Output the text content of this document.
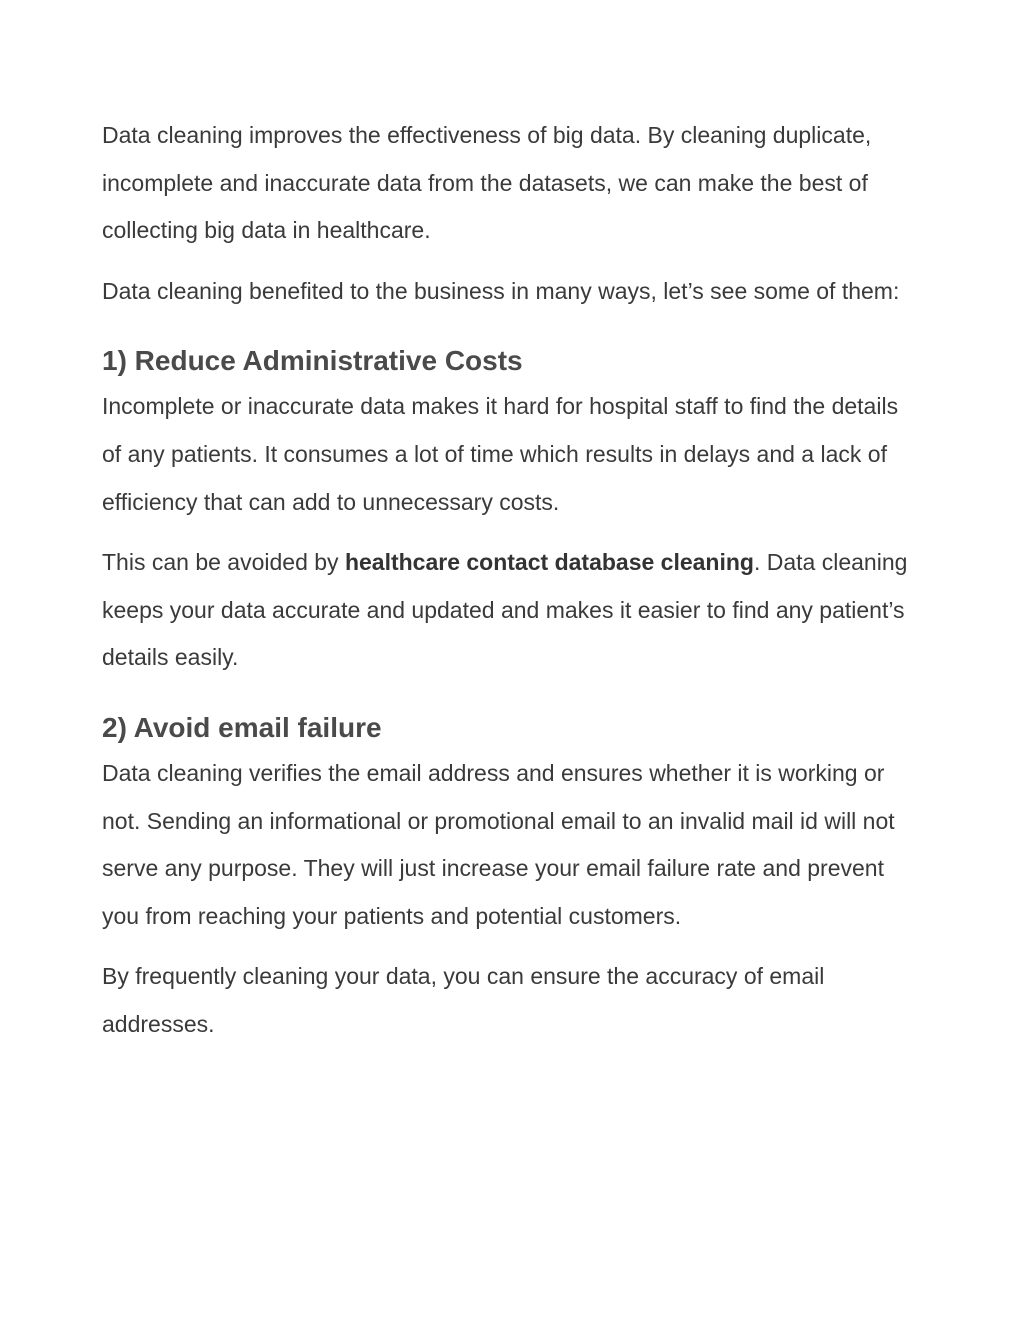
Data cleaning improves the effectiveness of big data. By cleaning duplicate, incomplete and inaccurate data from the datasets, we can make the best of collecting big data in healthcare.

Data cleaning benefited to the business in many ways, let’s see some of them:

1) Reduce Administrative Costs

Incomplete or inaccurate data makes it hard for hospital staff to find the details of any patients. It consumes a lot of time which results in delays and a lack of efficiency that can add to unnecessary costs.

This can be avoided by healthcare contact database cleaning. Data cleaning keeps your data accurate and updated and makes it easier to find any patient’s details easily.

2) Avoid email failure

Data cleaning verifies the email address and ensures whether it is working or not. Sending an informational or promotional email to an invalid mail id will not serve any purpose. They will just increase your email failure rate and prevent you from reaching your patients and potential customers.

By frequently cleaning your data, you can ensure the accuracy of email addresses.
